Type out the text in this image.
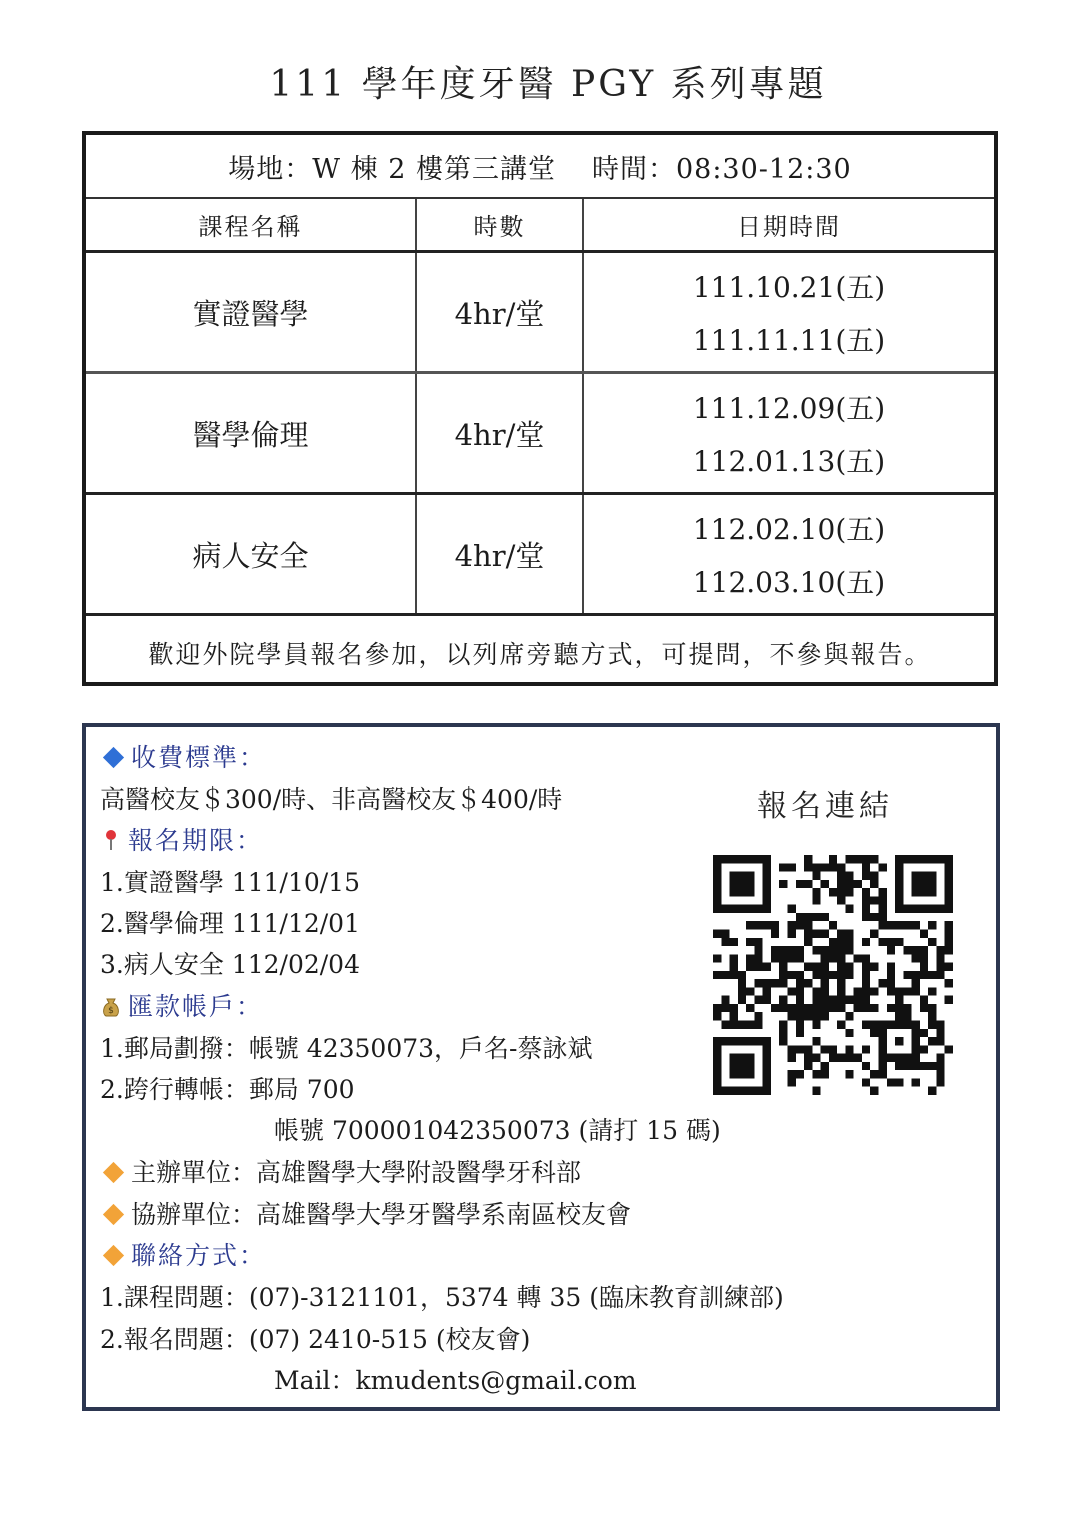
111 學年度牙醫 PGY 系列專題
場地：W 棟 2 樓第三講堂 時間：08:30-12:30
課程名稱	時數	日期時間
實證醫學	4hr/堂
111.10.21(五)
111.11.11(五)
醫學倫理	4hr/堂
111.12.09(五)
112.01.13(五)
病人安全	4hr/堂
112.02.10(五)
112.03.10(五)
歡迎外院學員報名參加，以列席旁聽方式，可提問，不參與報告。
收費標準：
高醫校友＄300/時、非高醫校友＄400/時
報名期限：
1.實證醫學 111/10/15
2.醫學倫理 111/12/01
3.病人安全 112/02/04
$ 匯款帳戶：
1.郵局劃撥：帳號 42350073，戶名-蔡詠斌
2.跨行轉帳：郵局 700
帳號 700001042350073 (請打 15 碼)
主辦單位：高雄醫學大學附設醫學牙科部
協辦單位：高雄醫學大學牙醫學系南區校友會
聯絡方式：
1.課程問題：(07)-3121101，5374 轉 35 (臨床教育訓練部)
2.報名問題：(07) 2410-515 (校友會)
Mail：kmudents@gmail.com
報名連結
